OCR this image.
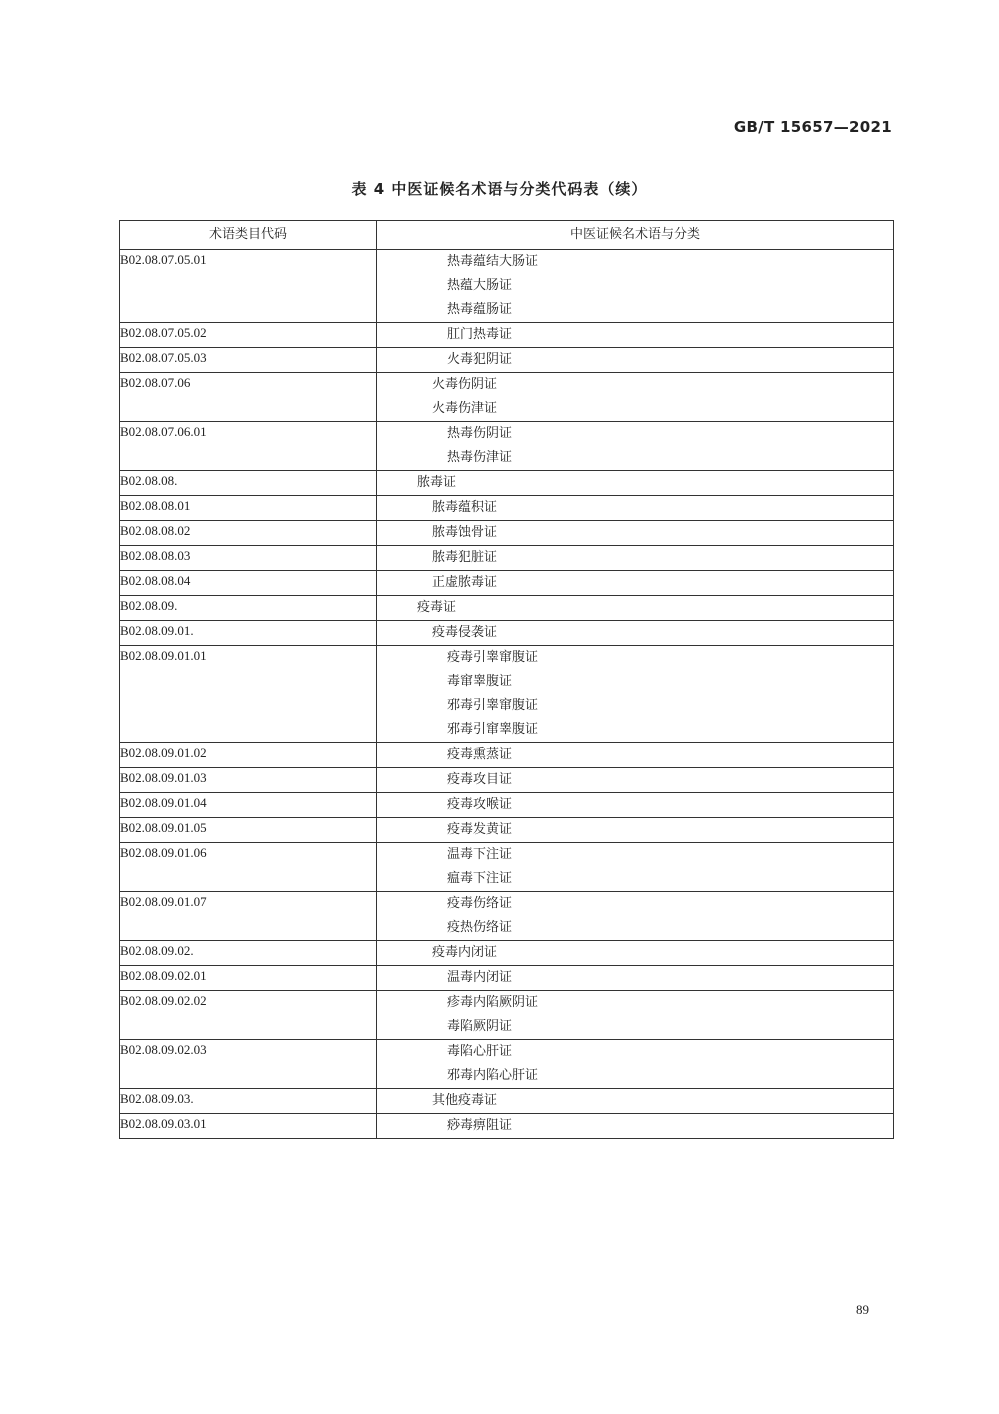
GB/T 15657—2021
表 4 中医证候名术语与分类代码表（续）
术语类目代码	中医证候名术语与分类
B02.08.07.05.01	热毒蕴结大肠证
热蕴大肠证
热毒蕴肠证

B02.08.07.05.02	肛门热毒证

B02.08.07.05.03	火毒犯阴证

B02.08.07.06	火毒伤阴证
火毒伤津证

B02.08.07.06.01	热毒伤阴证
热毒伤津证

B02.08.08.	脓毒证

B02.08.08.01	脓毒蕴积证

B02.08.08.02	脓毒蚀骨证

B02.08.08.03	脓毒犯脏证

B02.08.08.04	正虚脓毒证

B02.08.09.	疫毒证

B02.08.09.01.	疫毒侵袭证

B02.08.09.01.01	疫毒引睾窜腹证
毒窜睾腹证
邪毒引睾窜腹证
邪毒引窜睾腹证

B02.08.09.01.02	疫毒熏蒸证

B02.08.09.01.03	疫毒攻目证

B02.08.09.01.04	疫毒攻喉证

B02.08.09.01.05	疫毒发黄证

B02.08.09.01.06	温毒下注证
瘟毒下注证

B02.08.09.01.07	疫毒伤络证
疫热伤络证

B02.08.09.02.	疫毒内闭证

B02.08.09.02.01	温毒内闭证

B02.08.09.02.02	疹毒内陷厥阴证
毒陷厥阴证

B02.08.09.02.03	毒陷心肝证
邪毒内陷心肝证

B02.08.09.03.	其他疫毒证

B02.08.09.03.01	痧毒痹阻证
89
